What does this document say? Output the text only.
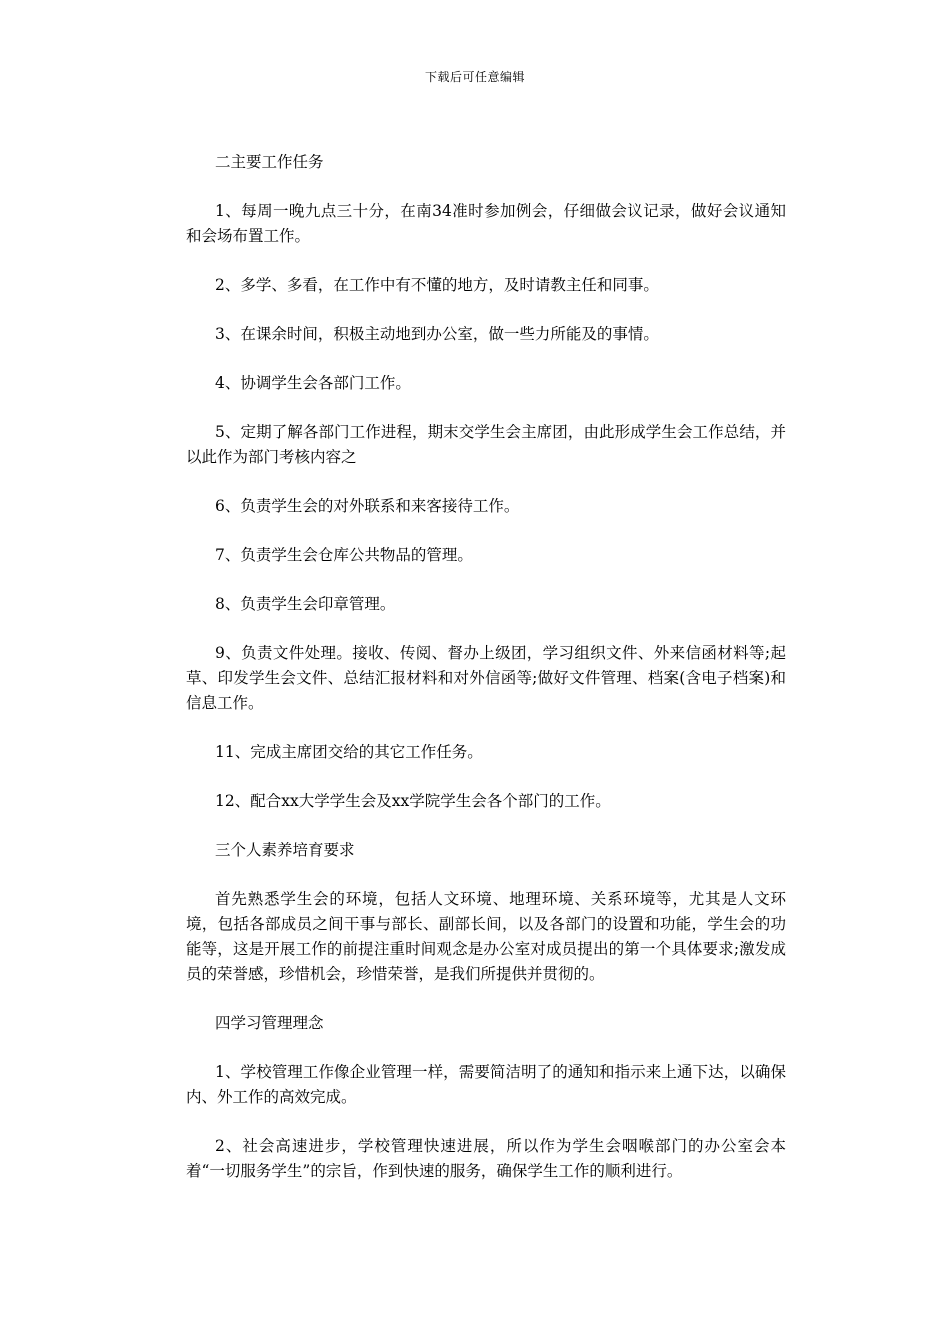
下载后可任意编辑

二主要工作任务

1、每周一晚九点三十分，在南34准时参加例会，仔细做会议记录，做好会议通知和会场布置工作。

2、多学、多看，在工作中有不懂的地方，及时请教主任和同事。

3、在课余时间，积极主动地到办公室，做一些力所能及的事情。

4、协调学生会各部门工作。

5、定期了解各部门工作进程，期末交学生会主席团，由此形成学生会工作总结，并以此作为部门考核内容之

6、负责学生会的对外联系和来客接待工作。

7、负责学生会仓库公共物品的管理。

8、负责学生会印章管理。

9、负责文件处理。接收、传阅、督办上级团，学习组织文件、外来信函材料等;起草、印发学生会文件、总结汇报材料和对外信函等;做好文件管理、档案(含电子档案)和信息工作。

11、完成主席团交给的其它工作任务。

12、配合xx大学学生会及xx学院学生会各个部门的工作。

三个人素养培育要求

首先熟悉学生会的环境，包括人文环境、地理环境、关系环境等，尤其是人文环境，包括各部成员之间干事与部长、副部长间，以及各部门的设置和功能，学生会的功能等，这是开展工作的前提注重时间观念是办公室对成员提出的第一个具体要求;激发成员的荣誉感，珍惜机会，珍惜荣誉，是我们所提供并贯彻的。

四学习管理理念

1、学校管理工作像企业管理一样，需要简洁明了的通知和指示来上通下达，以确保内、外工作的高效完成。

2、社会高速进步，学校管理快速进展，所以作为学生会咽喉部门的办公室会本着“一切服务学生”的宗旨，作到快速的服务，确保学生工作的顺利进行。
